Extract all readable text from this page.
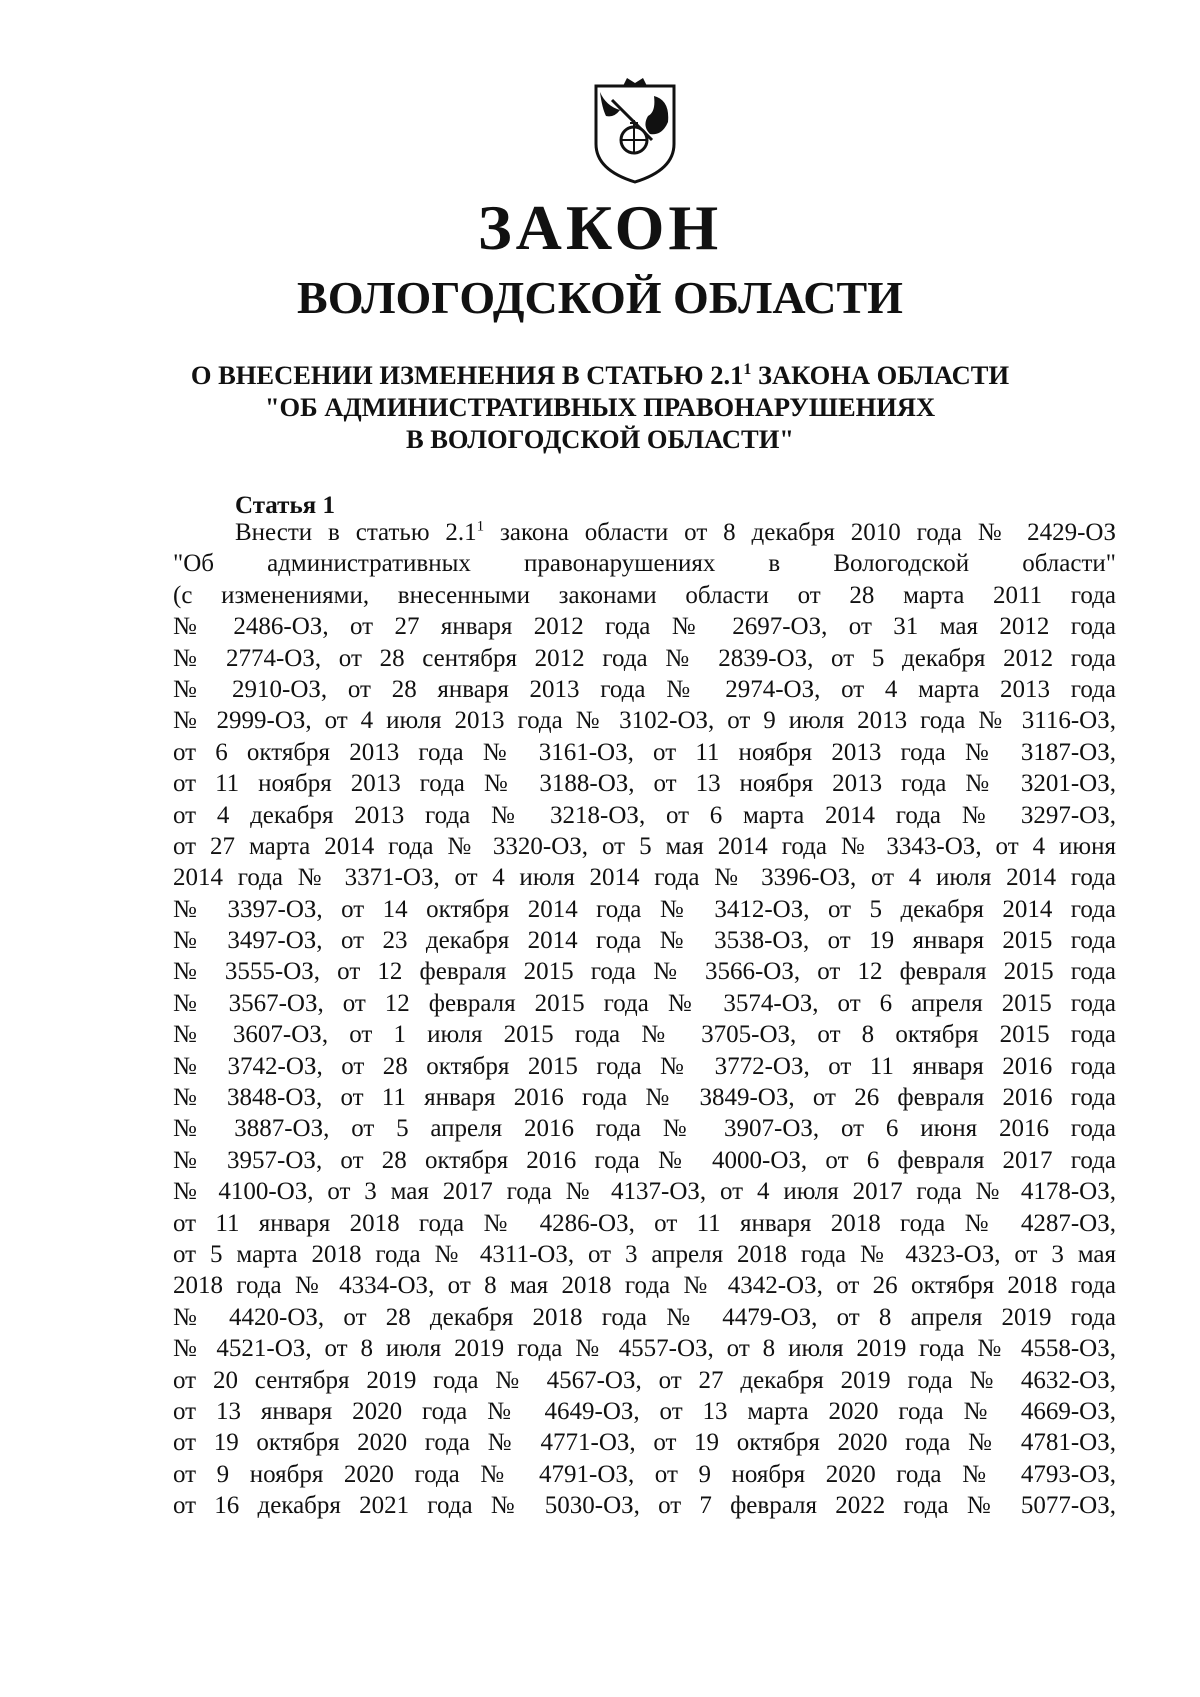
ЗАКОН
ВОЛОГОДСКОЙ ОБЛАСТИ
О ВНЕСЕНИИ ИЗМЕНЕНИЯ В СТАТЬЮ $2.1^1$ ЗАКОНА ОБЛАСТИ
"ОБ АДМИНИСТРАТИВНЫХ ПРАВОНАРУШЕНИЯХ
В ВОЛОГОДСКОЙ ОБЛАСТИ"
Статья 1
Внести в статью $2.1^1$ закона области от 8 декабря 2010 года № 2429-ОЗ
"Об административных правонарушениях в Вологодской области"
(с изменениями, внесенными законами области от 28 марта 2011 года
№ 2486-ОЗ, от 27 января 2012 года № 2697-ОЗ, от 31 мая 2012 года
№ 2774-ОЗ, от 28 сентября 2012 года № 2839-ОЗ, от 5 декабря 2012 года
№ 2910-ОЗ, от 28 января 2013 года № 2974-ОЗ, от 4 марта 2013 года
№ 2999-ОЗ, от 4 июля 2013 года № 3102-ОЗ, от 9 июля 2013 года № 3116-ОЗ,
от 6 октября 2013 года № 3161-ОЗ, от 11 ноября 2013 года № 3187-ОЗ,
от 11 ноября 2013 года № 3188-ОЗ, от 13 ноября 2013 года № 3201-ОЗ,
от 4 декабря 2013 года № 3218-ОЗ, от 6 марта 2014 года № 3297-ОЗ,
от 27 марта 2014 года № 3320-ОЗ, от 5 мая 2014 года № 3343-ОЗ, от 4 июня
2014 года № 3371-ОЗ, от 4 июля 2014 года № 3396-ОЗ, от 4 июля 2014 года
№ 3397-ОЗ, от 14 октября 2014 года № 3412-ОЗ, от 5 декабря 2014 года
№ 3497-ОЗ, от 23 декабря 2014 года № 3538-ОЗ, от 19 января 2015 года
№ 3555-ОЗ, от 12 февраля 2015 года № 3566-ОЗ, от 12 февраля 2015 года
№ 3567-ОЗ, от 12 февраля 2015 года № 3574-ОЗ, от 6 апреля 2015 года
№ 3607-ОЗ, от 1 июля 2015 года № 3705-ОЗ, от 8 октября 2015 года
№ 3742-ОЗ, от 28 октября 2015 года № 3772-ОЗ, от 11 января 2016 года
№ 3848-ОЗ, от 11 января 2016 года № 3849-ОЗ, от 26 февраля 2016 года
№ 3887-ОЗ, от 5 апреля 2016 года № 3907-ОЗ, от 6 июня 2016 года
№ 3957-ОЗ, от 28 октября 2016 года № 4000-ОЗ, от 6 февраля 2017 года
№ 4100-ОЗ, от 3 мая 2017 года № 4137-ОЗ, от 4 июля 2017 года № 4178-ОЗ,
от 11 января 2018 года № 4286-ОЗ, от 11 января 2018 года № 4287-ОЗ,
от 5 марта 2018 года № 4311-ОЗ, от 3 апреля 2018 года № 4323-ОЗ, от 3 мая
2018 года № 4334-ОЗ, от 8 мая 2018 года № 4342-ОЗ, от 26 октября 2018 года
№ 4420-ОЗ, от 28 декабря 2018 года № 4479-ОЗ, от 8 апреля 2019 года
№ 4521-ОЗ, от 8 июля 2019 года № 4557-ОЗ, от 8 июля 2019 года № 4558-ОЗ,
от 20 сентября 2019 года № 4567-ОЗ, от 27 декабря 2019 года № 4632-ОЗ,
от 13 января 2020 года № 4649-ОЗ, от 13 марта 2020 года № 4669-ОЗ,
от 19 октября 2020 года № 4771-ОЗ, от 19 октября 2020 года № 4781-ОЗ,
от 9 ноября 2020 года № 4791-ОЗ, от 9 ноября 2020 года № 4793-ОЗ,
от 16 декабря 2021 года № 5030-ОЗ, от 7 февраля 2022 года № 5077-ОЗ,
